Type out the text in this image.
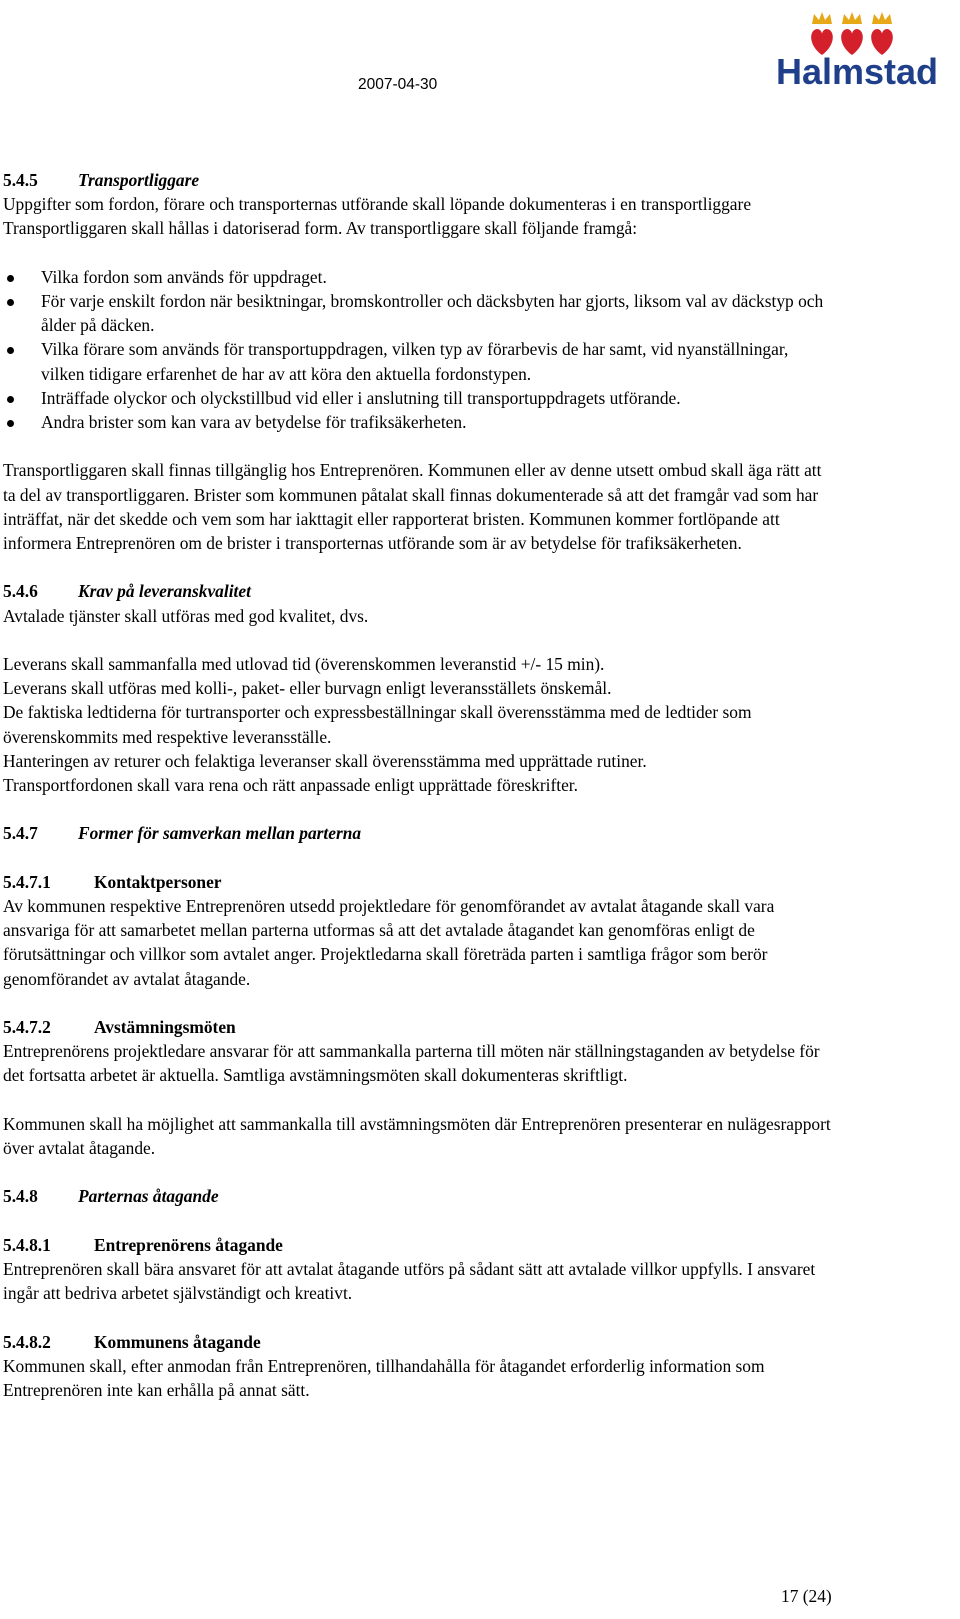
2007-04-30	Halmstad

5.4.5 Transportliggare

Uppgifter som fordon, förare och transporternas utförande skall löpande dokumenteras i en transportliggare Transportliggaren skall hållas i datoriserad form. Av transportliggare skall följande framgå:

Vilka fordon som används för uppdraget.
För varje enskilt fordon när besiktningar, bromskontroller och däcksbyten har gjorts, liksom val av däckstyp och ålder på däcken.
Vilka förare som används för transportuppdragen, vilken typ av förarbevis de har samt, vid nyanställningar, vilken tidigare erfarenhet de har av att köra den aktuella fordonstypen.
Inträffade olyckor och olyckstillbud vid eller i anslutning till transportuppdragets utförande.
Andra brister som kan vara av betydelse för trafiksäkerheten.

Transportliggaren skall finnas tillgänglig hos Entreprenören. Kommunen eller av denne utsett ombud skall äga rätt att ta del av transportliggaren. Brister som kommunen påtalat skall finnas dokumenterade så att det framgår vad som har inträffat, när det skedde och vem som har iakttagit eller rapporterat bristen. Kommunen kommer fortlöpande att informera Entreprenören om de brister i transporternas utförande som är av betydelse för trafiksäkerheten.

5.4.6 Krav på leveranskvalitet

Avtalade tjänster skall utföras med god kvalitet, dvs.

Leverans skall sammanfalla med utlovad tid (överenskommen leveranstid +/- 15 min).

Leverans skall utföras med kolli-, paket- eller burvagn enligt leveransställets önskemål.

De faktiska ledtiderna för turtransporter och expressbeställningar skall överensstämma med de ledtider som överenskommits med respektive leveransställe.

Hanteringen av returer och felaktiga leveranser skall överensstämma med upprättade rutiner.

Transportfordonen skall vara rena och rätt anpassade enligt upprättade föreskrifter.

5.4.7 Former för samverkan mellan parterna

5.4.7.1 Kontaktpersoner

Av kommunen respektive Entreprenören utsedd projektledare för genomförandet av avtalat åtagande skall vara ansvariga för att samarbetet mellan parterna utformas så att det avtalade åtagandet kan genomföras enligt de förutsättningar och villkor som avtalet anger. Projektledarna skall företräda parten i samtliga frågor som berör genomförandet av avtalat åtagande.

5.4.7.2 Avstämningsmöten

Entreprenörens projektledare ansvarar för att sammankalla parterna till möten när ställningstaganden av betydelse för det fortsatta arbetet är aktuella. Samtliga avstämningsmöten skall dokumenteras skriftligt.

Kommunen skall ha möjlighet att sammankalla till avstämningsmöten där Entreprenören presenterar en nulägesrapport över avtalat åtagande.

5.4.8 Parternas åtagande

5.4.8.1 Entreprenörens åtagande

Entreprenören skall bära ansvaret för att avtalat åtagande utförs på sådant sätt att avtalade villkor uppfylls. I ansvaret ingår att bedriva arbetet självständigt och kreativt.

5.4.8.2 Kommunens åtagande

Kommunen skall, efter anmodan från Entreprenören, tillhandahålla för åtagandet erforderlig information som Entreprenören inte kan erhålla på annat sätt.

17 (24)
